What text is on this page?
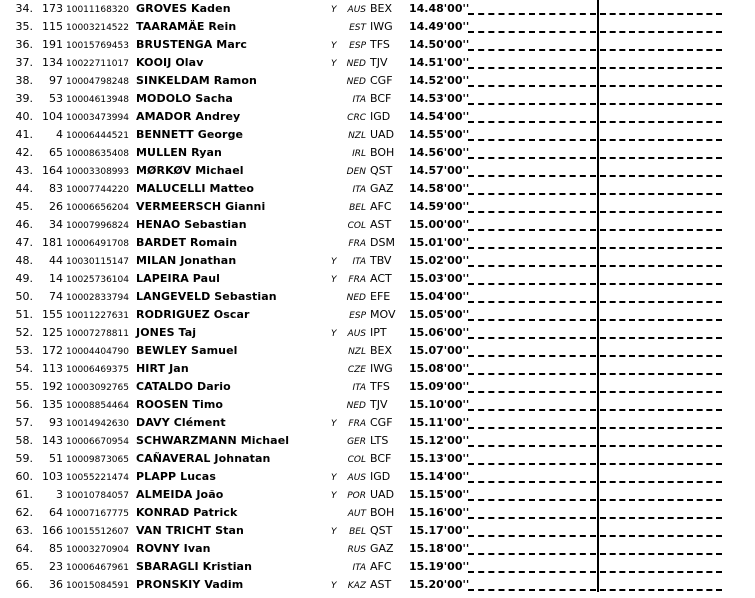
34. 173 10011168320 GROVES Kaden	Y	AUS BEX 14.48'00''
35. 115 10003214522 TAARAMÄE Rein	EST IWG 14.49'00''
36. 191 10015769453 BRUSTENGA Marc	Y	ESP TFS 14.50'00''
37. 134 10022711017 KOOIJ Olav	Y NED TJV 14.51'00''
38.	97 10004798248 SINKELDAM Ramon	NED CGF 14.52'00''
39.	53 10004613948 MODOLO Sacha	ITA BCF 14.53'00''
40. 104 10003473994 AMADOR Andrey	CRC IGD 14.54'00''
41.	4 10006444521 BENNETT George	NZL UAD 14.55'00''
42.	65 10008635408 MULLEN Ryan	IRL BOH 14.56'00''
43. 164 10003308993 MØRKØV Michael	DEN QST 14.57'00''
44.	83 10007744220 MALUCELLI Matteo	ITA GAZ 14.58'00''
45.	26 10006656204 VERMEERSCH Gianni	BEL AFC 14.59'00''
46.	34 10007996824 HENAO Sebastian	COL AST 15.00'00''
47. 181 10006491708 BARDET Romain	FRA DSM 15.01'00''
48.	44 10030115147 MILAN Jonathan	Y	ITA TBV 15.02'00''
49.	14 10025736104 LAPEIRA Paul	Y	FRA ACT 15.03'00''
50.	74 10002833794 LANGEVELD Sebastian	NED EFE 15.04'00''
51. 155 10011227631 RODRIGUEZ Oscar	ESP MOV 15.05'00''
52. 125 10007278811 JONES Taj	Y	AUS IPT 15.06'00''
53. 172 10004404790 BEWLEY Samuel	NZL BEX 15.07'00''
54. 113 10006469375 HIRT Jan	CZE IWG 15.08'00''
55. 192 10003092765 CATALDO Dario	ITA TFS 15.09'00''
56. 135 10008854464 ROOSEN Timo	NED TJV 15.10'00''
57.	93 10014942630 DAVY Clément	Y	FRA CGF 15.11'00''
58. 143 10006670954 SCHWARZMANN Michael	GER LTS 15.12'00''
59.	51 10009873065 CAÑAVERAL Johnatan	COL BCF 15.13'00''
60. 103 10055221474 PLAPP Lucas	Y	AUS IGD 15.14'00''
61.	3 10010784057 ALMEIDA João	Y	POR UAD 15.15'00''
62.	64 10007167775 KONRAD Patrick	AUT BOH 15.16'00''
63. 166 10015512607 VAN TRICHT Stan	Y	BEL QST 15.17'00''
64.	85 10003270904 ROVNY Ivan	RUS GAZ 15.18'00''
65.	23 10006467961 SBARAGLI Kristian	ITA AFC 15.19'00''
66.	36 10015084591 PRONSKIY Vadim	Y	KAZ AST 15.20'00''
